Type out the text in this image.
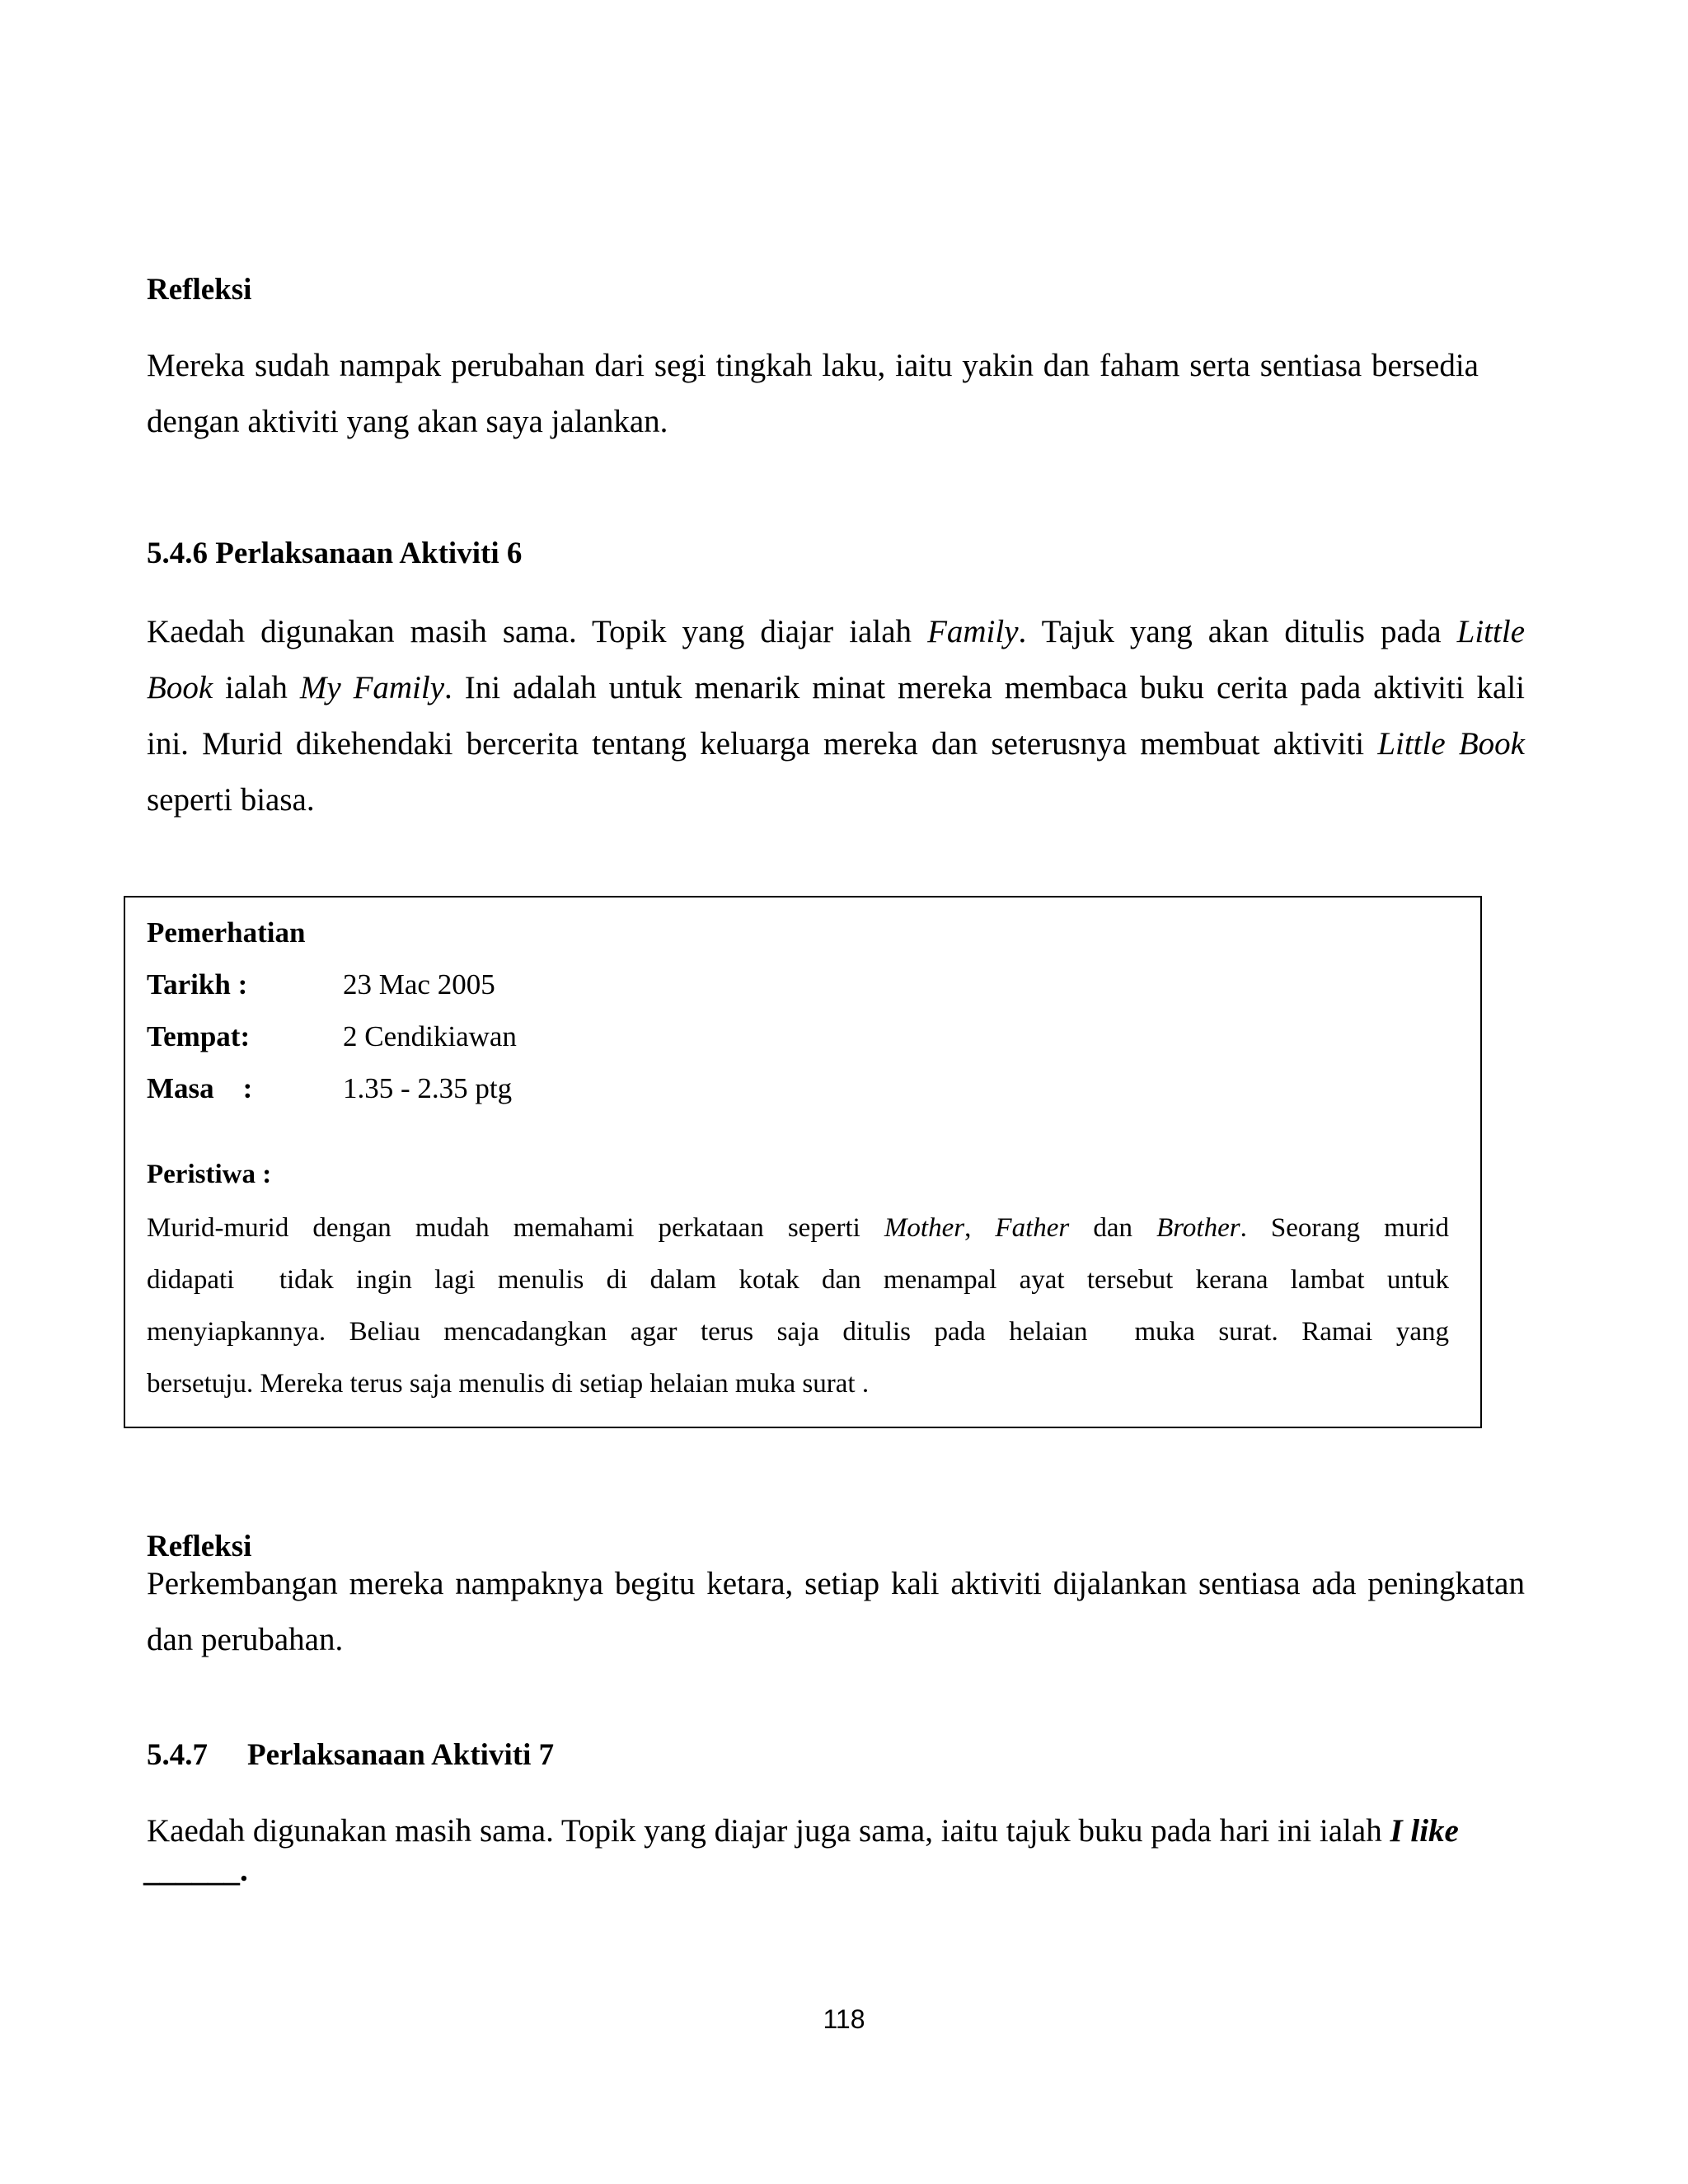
Refleksi
Mereka sudah nampak perubahan dari segi tingkah laku, iaitu yakin dan faham serta sentiasa bersedia
dengan aktiviti yang akan saya jalankan.
5.4.6 Perlaksanaan Aktiviti 6
Kaedah digunakan masih sama. Topik yang diajar ialah Family. Tajuk yang akan ditulis pada Little
Book ialah My Family. Ini adalah untuk menarik minat mereka membaca buku cerita pada aktiviti kali
ini. Murid dikehendaki bercerita tentang keluarga mereka dan seterusnya membuat aktiviti Little Book
seperti biasa.
Pemerhatian
Tarikh :	23 Mac 2005
Tempat:	2 Cendikiawan
Masa    :	1.35 - 2.35 ptg
Peristiwa :
Murid-murid dengan mudah memahami perkataan seperti Mother, Father dan Brother. Seorang murid
didapati  tidak ingin lagi menulis di dalam kotak dan menampal ayat tersebut kerana lambat untuk
menyiapkannya. Beliau mencadangkan agar terus saja ditulis pada helaian  muka surat. Ramai yang
bersetuju. Mereka terus saja menulis di setiap helaian muka surat .
Refleksi
Perkembangan mereka nampaknya begitu ketara, setiap kali aktiviti dijalankan sentiasa ada peningkatan
dan perubahan.
5.4.7 Perlaksanaan Aktiviti 7
Kaedah digunakan masih sama. Topik yang diajar juga sama, iaitu tajuk buku pada hari ini ialah I like
______.
118
